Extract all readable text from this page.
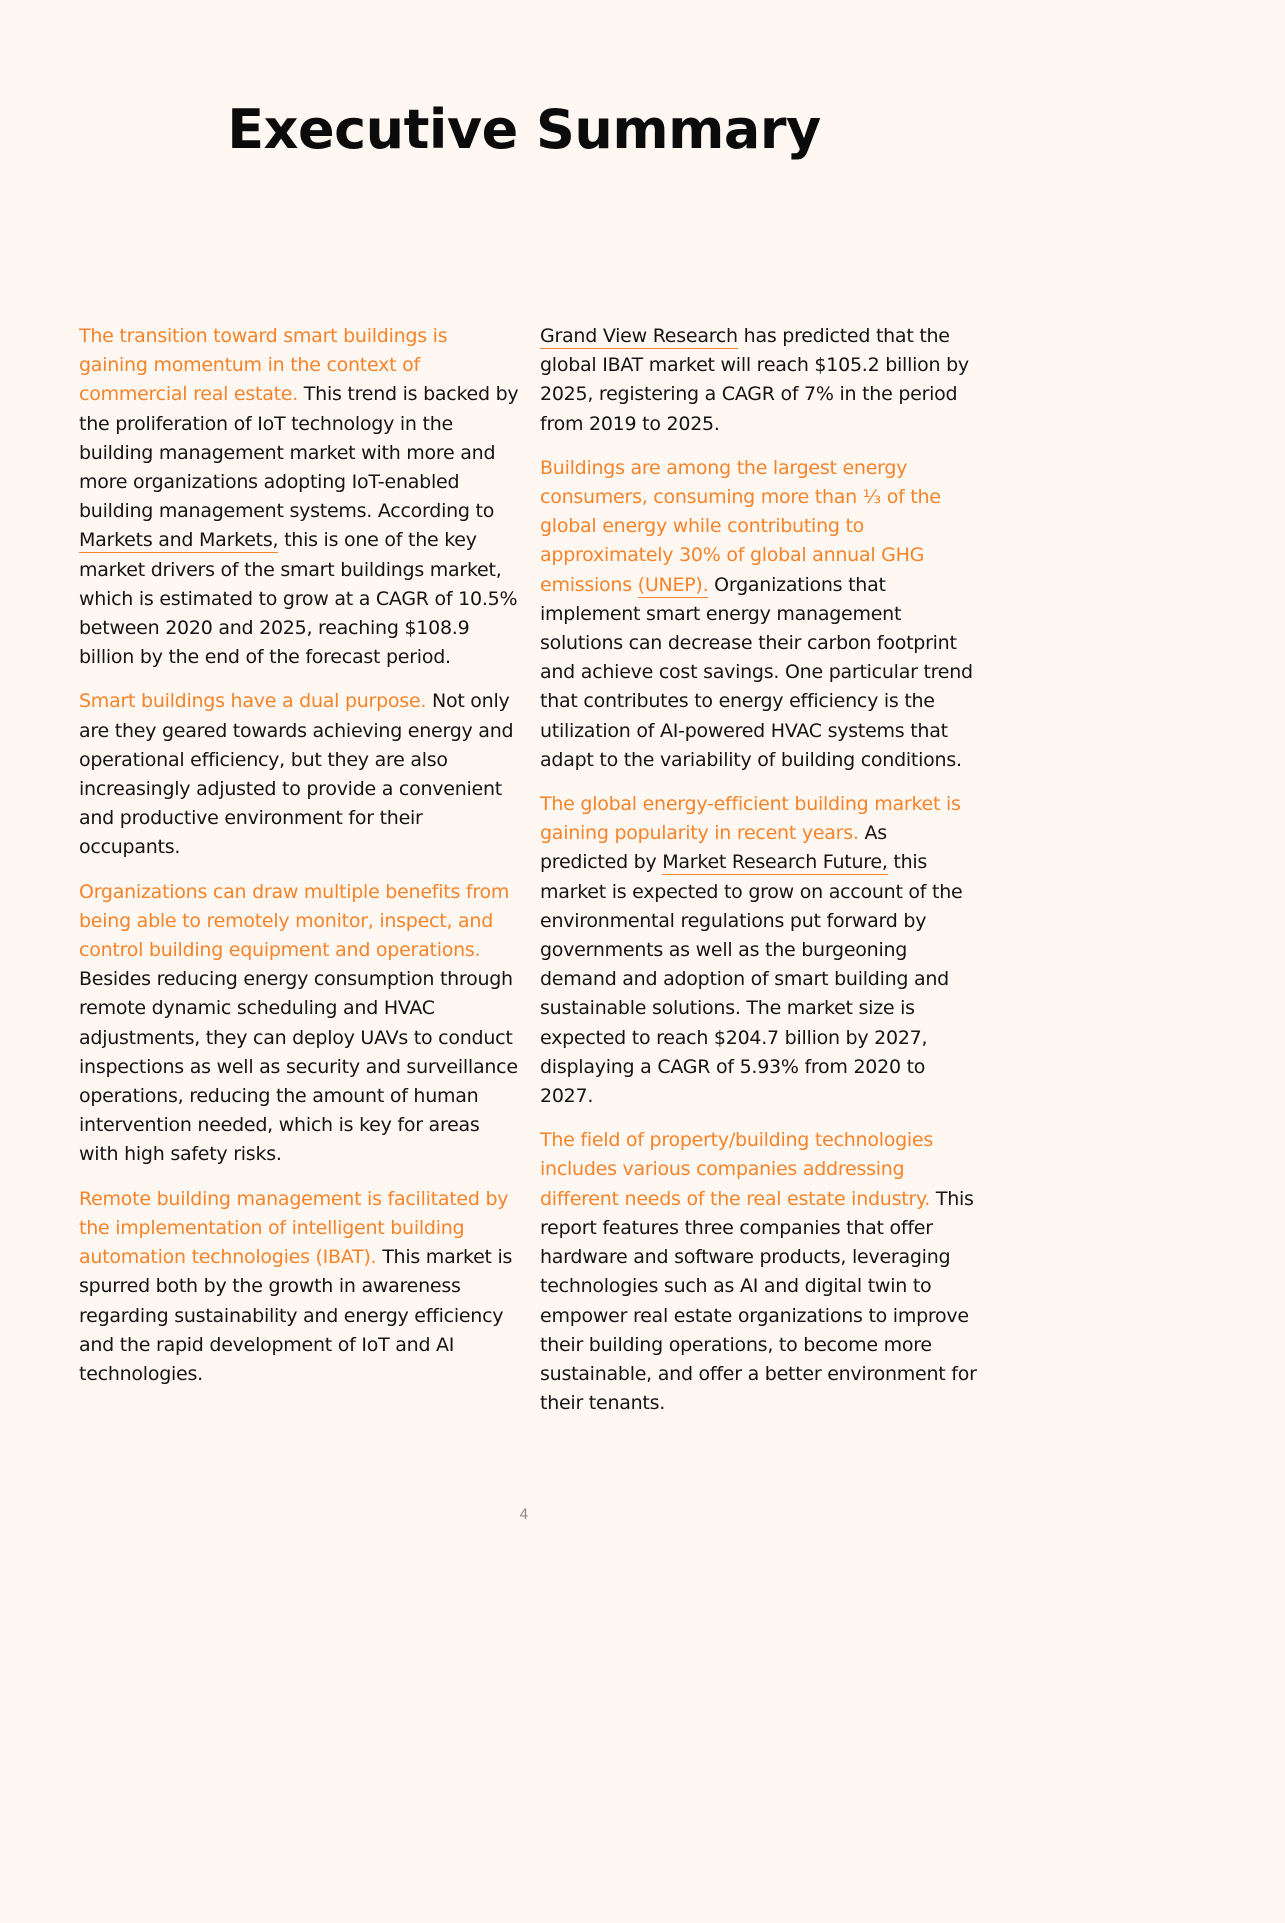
Executive Summary

The transition toward smart buildings is gaining momentum in the context of commercial real estate. This trend is backed by the proliferation of IoT technology in the building management market with more and more organizations adopting IoT-enabled building management systems. According to Markets and Markets, this is one of the key market drivers of the smart buildings market, which is estimated to grow at a CAGR of 10.5% between 2020 and 2025, reaching $108.9 billion by the end of the forecast period.

Smart buildings have a dual purpose. Not only are they geared towards achieving energy and operational efficiency, but they are also increasingly adjusted to provide a convenient and productive environment for their occupants.

Organizations can draw multiple benefits from being able to remotely monitor, inspect, and control building equipment and operations. Besides reducing energy consumption through remote dynamic scheduling and HVAC adjustments, they can deploy UAVs to conduct inspections as well as security and surveillance operations, reducing the amount of human intervention needed, which is key for areas with high safety risks.

Remote building management is facilitated by the implementation of intelligent building automation technologies (IBAT). This market is spurred both by the growth in awareness regarding sustainability and energy efficiency and the rapid development of IoT and AI technologies.

Grand View Research has predicted that the global IBAT market will reach $105.2 billion by 2025, registering a CAGR of 7% in the period from 2019 to 2025.

Buildings are among the largest energy consumers, consuming more than ⅓ of the global energy while contributing to approximately 30% of global annual GHG emissions (UNEP). Organizations that implement smart energy management solutions can decrease their carbon footprint and achieve cost savings. One particular trend that contributes to energy efficiency is the utilization of AI-powered HVAC systems that adapt to the variability of building conditions.

The global energy-efficient building market is gaining popularity in recent years. As predicted by Market Research Future, this market is expected to grow on account of the environmental regulations put forward by governments as well as the burgeoning demand and adoption of smart building and sustainable solutions. The market size is expected to reach $204.7 billion by 2027, displaying a CAGR of 5.93% from 2020 to 2027.

The field of property/building technologies includes various companies addressing different needs of the real estate industry. This report features three companies that offer hardware and software products, leveraging technologies such as AI and digital twin to empower real estate organizations to improve their building operations, to become more sustainable, and offer a better environment for their tenants.

4
